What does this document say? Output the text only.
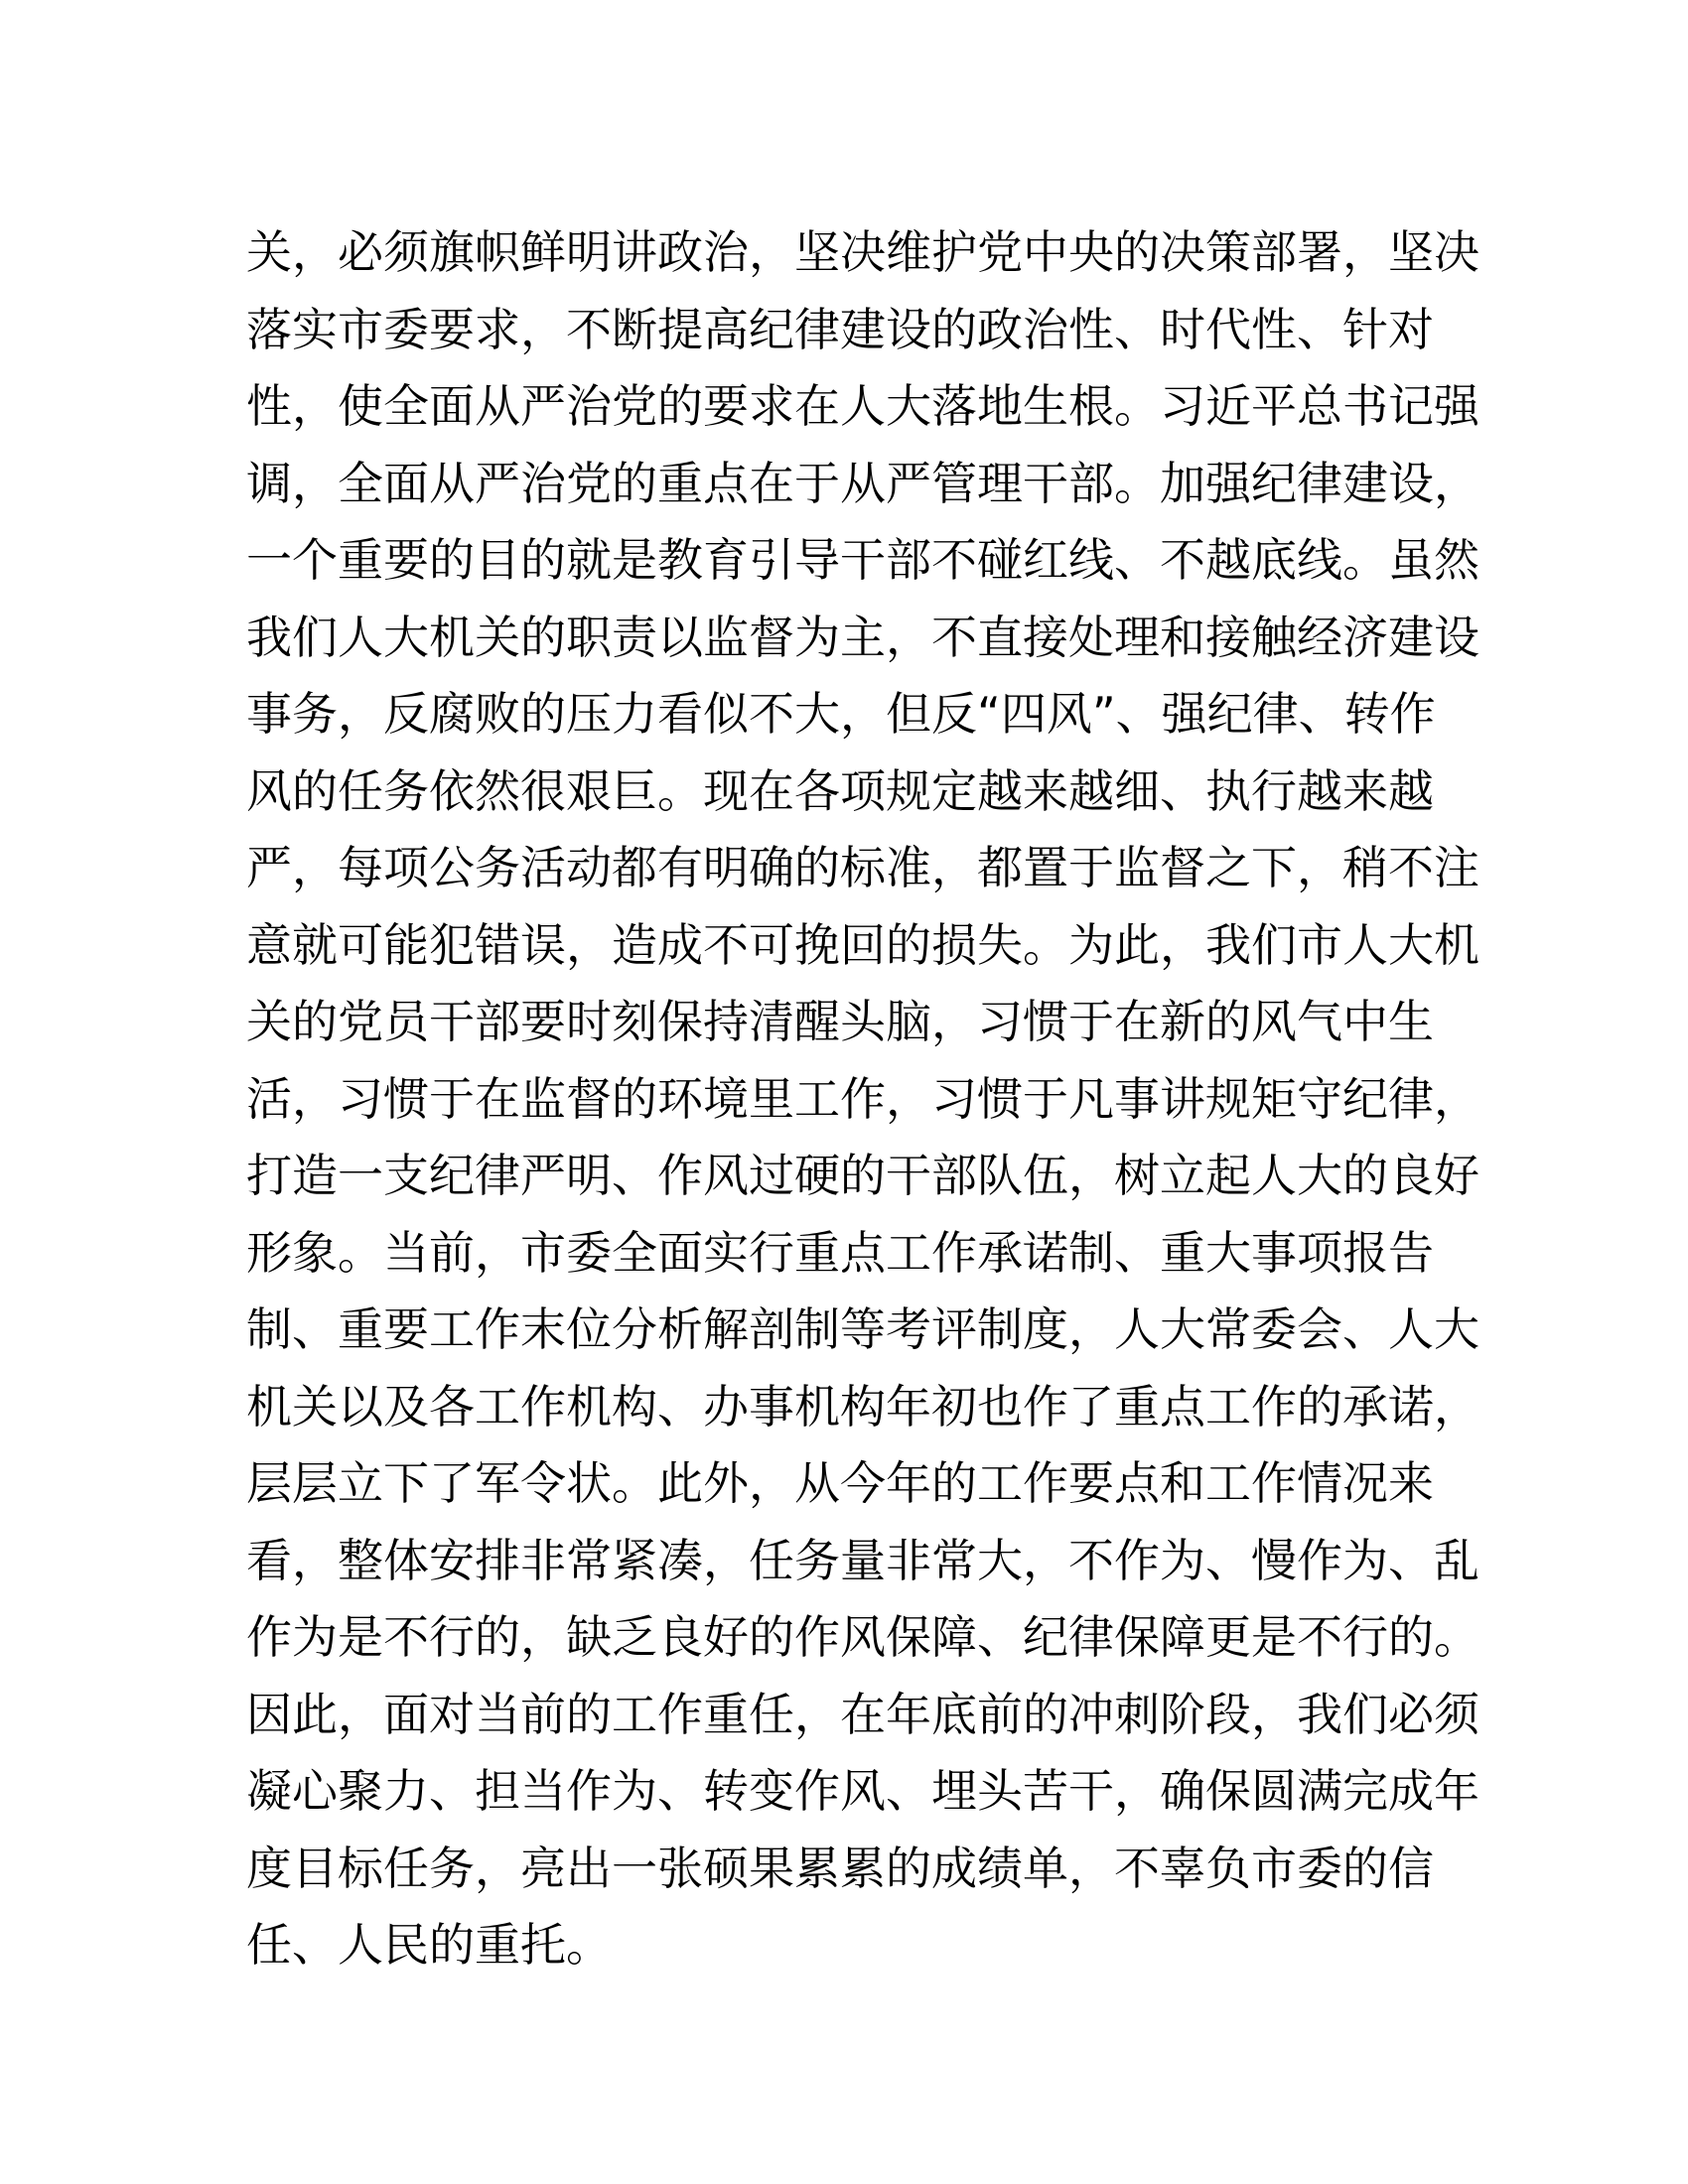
关，必须旗帜鲜明讲政治，坚决维护党中央的决策部署，坚决
落实市委要求，不断提高纪律建设的政治性、时代性、针对
性，使全面从严治党的要求在人大落地生根。习近平总书记强
调，全面从严治党的重点在于从严管理干部。加强纪律建设，
一个重要的目的就是教育引导干部不碰红线、不越底线。虽然
我们人大机关的职责以监督为主，不直接处理和接触经济建设
事务，反腐败的压力看似不大，但反“四风”、强纪律、转作
风的任务依然很艰巨。现在各项规定越来越细、执行越来越
严，每项公务活动都有明确的标准，都置于监督之下，稍不注
意就可能犯错误，造成不可挽回的损失。为此，我们市人大机
关的党员干部要时刻保持清醒头脑，习惯于在新的风气中生
活，习惯于在监督的环境里工作，习惯于凡事讲规矩守纪律，
打造一支纪律严明、作风过硬的干部队伍，树立起人大的良好
形象。当前，市委全面实行重点工作承诺制、重大事项报告
制、重要工作末位分析解剖制等考评制度，人大常委会、人大
机关以及各工作机构、办事机构年初也作了重点工作的承诺，
层层立下了军令状。此外，从今年的工作要点和工作情况来
看，整体安排非常紧凑，任务量非常大，不作为、慢作为、乱
作为是不行的，缺乏良好的作风保障、纪律保障更是不行的。
因此，面对当前的工作重任，在年底前的冲刺阶段，我们必须
凝心聚力、担当作为、转变作风、埋头苦干，确保圆满完成年
度目标任务，亮出一张硕果累累的成绩单，不辜负市委的信
任、人民的重托。
